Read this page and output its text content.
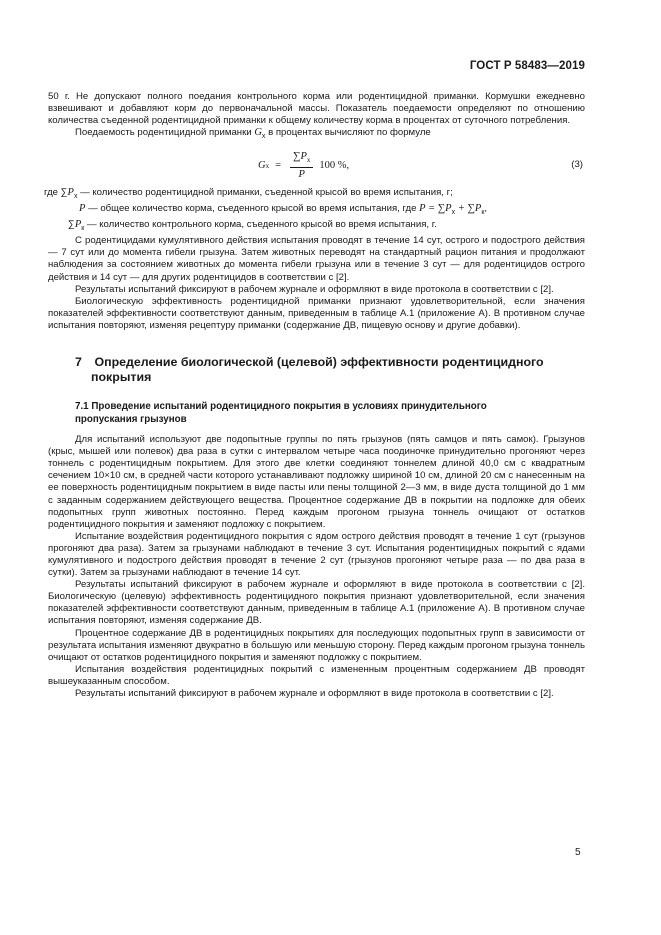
ГОСТ Р 58483—2019

50 г. Не допускают полного поедания контрольного корма или родентицидной приманки. Кормушки ежедневно взвешивают и добавляют корм до первоначальной массы. Показатель поедаемости определяют по отношению количества съеденной родентицидной приманки к общему количеству корма в процентах от суточного потребления.

Поедаемость родентицидной приманки $G_x$ в процентах вычисляют по формуле

G $x = \frac{\sum P_x}{P} 100$ %,	(3)
где $\sum P_x$ — количество родентицидной приманки, съеденной крысой во время испытания, г;
P — общее количество корма, съеденного крысой во время испытания, где $P = \sum P_x + \sum P_к$,
$\sum P_к$ — количество контрольного корма, съеденного крысой во время испытания, г.

С родентицидами кумулятивного действия испытания проводят в течение 14 сут, острого и подострого действия — 7 сут или до момента гибели грызуна. Затем животных переводят на стандартный рацион питания и продолжают наблюдения за состоянием животных до момента гибели грызуна или в течение 3 сут — для родентицидов острого действия и 14 сут — для других родентицидов в соответствии с [2].

Результаты испытаний фиксируют в рабочем журнале и оформляют в виде протокола в соответствии с [2].

Биологическую эффективность родентицидной приманки признают удовлетворительной, если значения показателей эффективности соответствуют данным, приведенным в таблице А.1 (приложение А). В противном случае испытания повторяют, изменяя рецептуру приманки (содержание ДВ, пищевую основу и другие добавки).

7 Определение биологической (целевой) эффективности родентицидного
покрытия
7.1 Проведение испытаний родентицидного покрытия в условиях принудительного
пропускания грызунов

Для испытаний используют две подопытные группы по пять грызунов (пять самцов и пять самок). Грызунов (крыс, мышей или полевок) два раза в сутки с интервалом четыре часа поодиночке принудительно прогоняют через тоннель с родентицидным покрытием. Для этого две клетки соединяют тоннелем длиной 40,0 см с квадратным сечением 10×10 см, в средней части которого устанавливают подложку шириной 10 см, длиной 20 см с нанесенным на ее поверхность родентицидным покрытием в виде пасты или пены толщиной 2—3 мм, в виде дуста толщиной до 1 мм с заданным содержанием действующего вещества. Процентное содержание ДВ в покрытии на подложке для обеих подопытных групп животных постоянно. Перед каждым прогоном грызуна тоннель очищают от остатков родентицидного покрытия и заменяют подложку с покрытием.

Испытание воздействия родентицидного покрытия с ядом острого действия проводят в течение 1 сут (грызунов прогоняют два раза). Затем за грызунами наблюдают в течение 3 сут. Испытания родентицидных покрытий с ядами кумулятивного и подострого действия проводят в течение 2 сут (грызунов прогоняют четыре раза — по два раза в сутки). Затем за грызунами наблюдают в течение 14 сут.

Результаты испытаний фиксируют в рабочем журнале и оформляют в виде протокола в соответствии с [2]. Биологическую (целевую) эффективность родентицидного покрытия признают удовлетворительной, если значения показателей эффективности соответствуют данным, приведенным в таблице А.1 (приложение А). В противном случае испытания повторяют, изменяя содержание ДВ.

Процентное содержание ДВ в родентицидных покрытиях для последующих подопытных групп в зависимости от результата испытания изменяют двукратно в большую или меньшую сторону. Перед каждым прогоном грызуна тоннель очищают от остатков родентицидного покрытия и заменяют подложку с покрытием.

Испытания воздействия родентицидных покрытий с измененным процентным содержанием ДВ проводят вышеуказанным способом.

Результаты испытаний фиксируют в рабочем журнале и оформляют в виде протокола в соответствии с [2].

5
